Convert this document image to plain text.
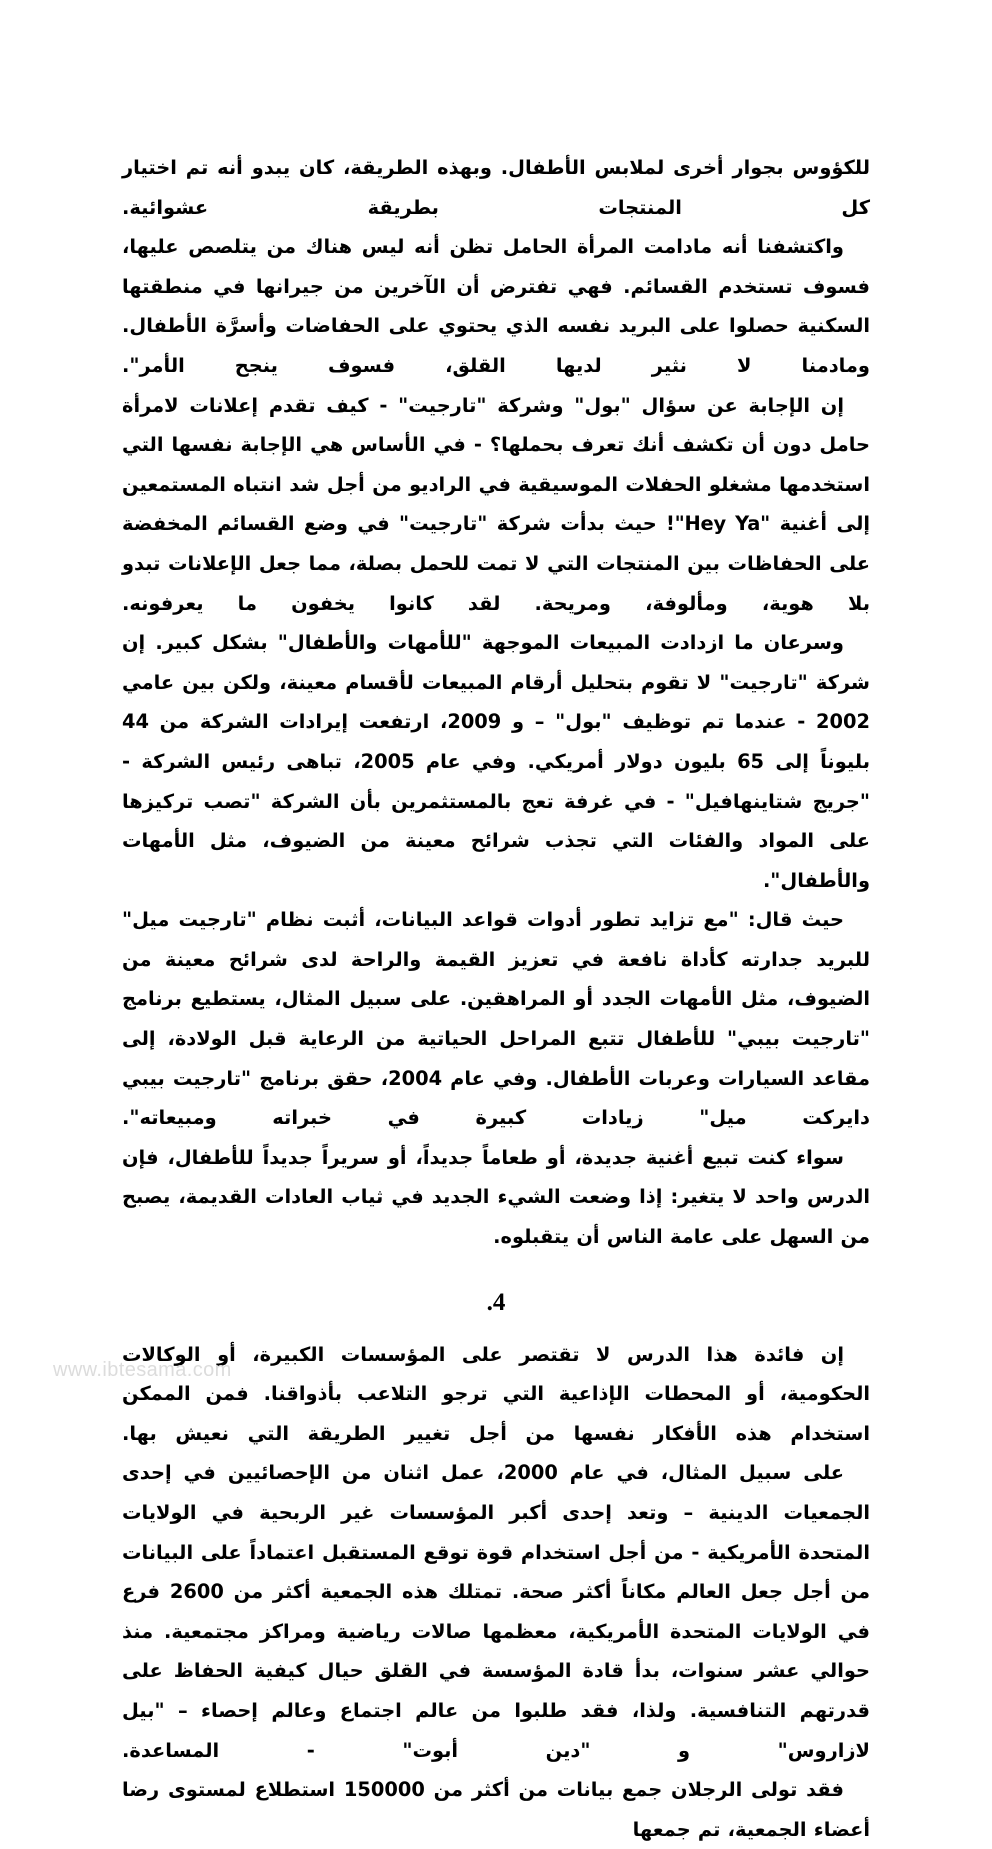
للكؤوس بجوار أخرى لملابس الأطفال. وبهذه الطريقة، كان يبدو أنه تم اختيار كل المنتجات بطريقة عشوائية.

واكتشفنا أنه مادامت المرأة الحامل تظن أنه ليس هناك من يتلصص عليها، فسوف تستخدم القسائم. فهي تفترض أن الآخرين من جيرانها في منطقتها السكنية حصلوا على البريد نفسه الذي يحتوي على الحفاضات وأسرَّة الأطفال. ومادمنا لا نثير لديها القلق، فسوف ينجح الأمر".

إن الإجابة عن سؤال "بول" وشركة "تارجيت" - كيف تقدم إعلانات لامرأة حامل دون أن تكشف أنك تعرف بحملها؟ - في الأساس هي الإجابة نفسها التي استخدمها مشغلو الحفلات الموسيقية في الراديو من أجل شد انتباه المستمعين إلى أغنية "Hey Ya"! حيث بدأت شركة "تارجيت" في وضع القسائم المخفضة على الحفاظات بين المنتجات التي لا تمت للحمل بصلة، مما جعل الإعلانات تبدو بلا هوية، ومألوفة، ومريحة. لقد كانوا يخفون ما يعرفونه.

وسرعان ما ازدادت المبيعات الموجهة "للأمهات والأطفال" بشكل كبير. إن شركة "تارجيت" لا تقوم بتحليل أرقام المبيعات لأقسام معينة، ولكن بين عامي 2002 - عندما تم توظيف "بول" – و 2009، ارتفعت إيرادات الشركة من 44 بليوناً إلى 65 بليون دولار أمريكي. وفي عام 2005، تباهى رئيس الشركة - "جريج شتاينهافيل" - في غرفة تعج بالمستثمرين بأن الشركة "تصب تركيزها على المواد والفئات التي تجذب شرائح معينة من الضيوف، مثل الأمهات والأطفال".

حيث قال: "مع تزايد تطور أدوات قواعد البيانات، أثبت نظام "تارجيت ميل" للبريد جدارته كأداة نافعة في تعزيز القيمة والراحة لدى شرائح معينة من الضيوف، مثل الأمهات الجدد أو المراهقين. على سبيل المثال، يستطيع برنامج "تارجيت بيبي" للأطفال تتبع المراحل الحياتية من الرعاية قبل الولادة، إلى مقاعد السيارات وعربات الأطفال. وفي عام 2004، حقق برنامج "تارجيت بيبي دايركت ميل" زيادات كبيرة في خبراته ومبيعاته".

سواء كنت تبيع أغنية جديدة، أو طعاماً جديداً، أو سريراً جديداً للأطفال، فإن الدرس واحد لا يتغير: إذا وضعت الشيء الجديد في ثياب العادات القديمة، يصبح من السهل على عامة الناس أن يتقبلوه.

.4

إن فائدة هذا الدرس لا تقتصر على المؤسسات الكبيرة، أو الوكالات الحكومية، أو المحطات الإذاعية التي ترجو التلاعب بأذواقنا. فمن الممكن استخدام هذه الأفكار نفسها من أجل تغيير الطريقة التي نعيش بها.

على سبيل المثال، في عام 2000، عمل اثنان من الإحصائيين في إحدى الجمعيات الدينية – وتعد إحدى أكبر المؤسسات غير الربحية في الولايات المتحدة الأمريكية - من أجل استخدام قوة توقع المستقبل اعتماداً على البيانات من أجل جعل العالم مكاناً أكثر صحة. تمتلك هذه الجمعية أكثر من 2600 فرع في الولايات المتحدة الأمريكية، معظمها صالات رياضية ومراكز مجتمعية. منذ حوالي عشر سنوات، بدأ قادة المؤسسة في القلق حيال كيفية الحفاظ على قدرتهم التنافسية. ولذا، فقد طلبوا من عالم اجتماع وعالم إحصاء – "بيل لازاروس" و "دين أبوت" - المساعدة.

فقد تولى الرجلان جمع بيانات من أكثر من 150000 استطلاع لمستوى رضا أعضاء الجمعية، تم جمعها

www.ibtesama.com
